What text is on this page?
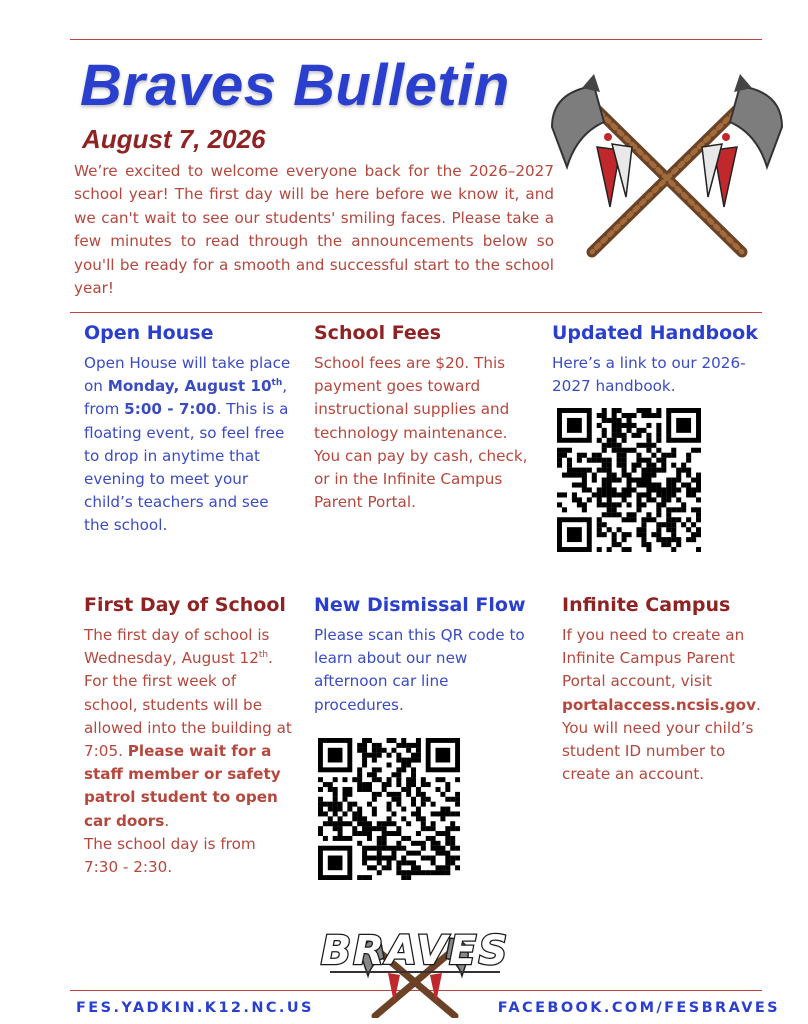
Braves Bulletin
August 7, 2026
We’re excited to welcome everyone back for the 2026–2027 school year! The first day will be here before we know it, and we can't wait to see our students' smiling faces. Please take a few minutes to read through the announcements below so you'll be ready for a smooth and successful start to the school year!
Open House
Open House will take place on Monday, August 10th, from 5:00 - 7:00. This is a floating event, so feel free to drop in anytime that evening to meet your child’s teachers and see the school.
School Fees
School fees are $20. This payment goes toward instructional supplies and technology maintenance. You can pay by cash, check, or in the Infinite Campus Parent Portal.
Updated Handbook
Here’s a link to our 2026-2027 handbook.
First Day of School
The first day of school is Wednesday, August 12th. For the first week of school, students will be allowed into the building at 7:05. Please wait for a staff member or safety patrol student to open car doors.
The school day is from 7:30 - 2:30.
New Dismissal Flow
Please scan this QR code to learn about our new afternoon car line procedures.
Infinite Campus
If you need to create an Infinite Campus Parent Portal account, visit portalaccess.ncsis.gov. You will need your child’s student ID number to create an account.
BRAVES
FES.YADKIN.K12.NC.US	FACEBOOK.COM/FESBRAVES
